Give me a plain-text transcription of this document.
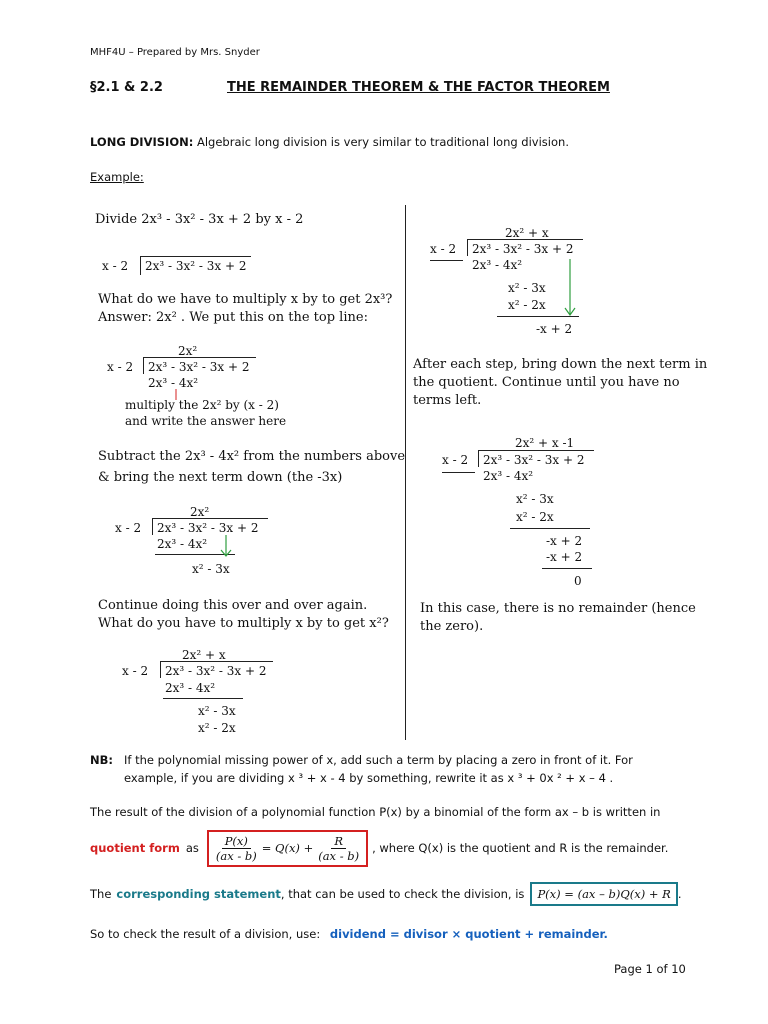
MHF4U – Prepared by Mrs. Snyder
§2.1 & 2.2	THE REMAINDER THEOREM & THE FACTOR THEOREM
LONG DIVISION: Algebraic long division is very similar to traditional long division.
Example:
Divide 2x³ - 3x² - 3x + 2 by x - 2
x - 2 2x³ - 3x² - 3x + 2
What do we have to multiply x by to get 2x³?
Answer: 2x² . We put this on the top line:
2x²
x - 2 2x³ - 3x² - 3x + 2
2x³ - 4x²
multiply the 2x² by (x - 2)
and write the answer here
Subtract the 2x³ - 4x² from the numbers above
& bring the next term down (the -3x)
2x²
x - 2 2x³ - 3x² - 3x + 2
2x³ - 4x²
x² - 3x
Continue doing this over and over again.
What do you have to multiply x by to get x²?
2x² + x
x - 2 2x³ - 3x² - 3x + 2
2x³ - 4x²
x² - 3x
x² - 2x
2x² + x
x - 2 2x³ - 3x² - 3x + 2
2x³ - 4x²
x² - 3x
x² - 2x
-x + 2
After each step, bring down the next term in
the quotient. Continue until you have no
terms left.
2x² + x -1
x - 2 2x³ - 3x² - 3x + 2
2x³ - 4x²
x² - 3x
x² - 2x
-x + 2
-x + 2
0
In this case, there is no remainder (hence
the zero).
NB: If the polynomial missing power of x, add such a term by placing a zero in front of it. For
example, if you are dividing x ³ + x - 4 by something, rewrite it as x ³ + 0x ² + x – 4 .
The result of the division of a polynomial function P(x) by a binomial of the form ax – b is written in
quotient form as $\frac{P(x)}{(ax - b)} = Q(x) + \frac{R}{(ax - b)}$ , where Q(x) is the quotient and R is the remainder.
The corresponding statement , that can be used to check the division, is	P(x) = (ax – b)Q(x) + R .
So to check the result of a division, use: dividend = divisor × quotient + remainder.
Page 1 of 10
